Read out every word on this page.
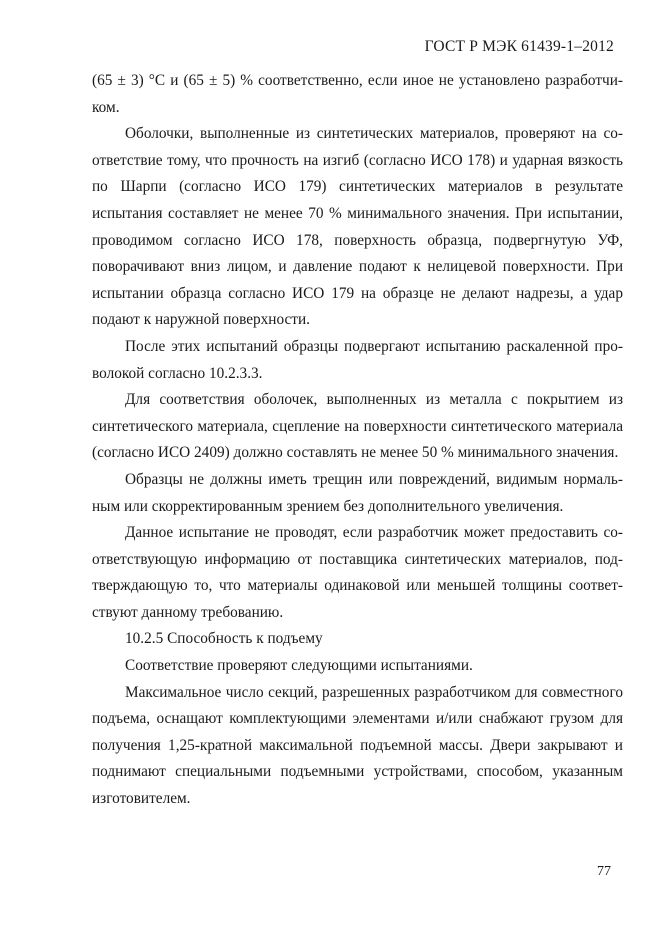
ГОСТ Р МЭК 61439-1–2012

(65 ± 3) °С и (65 ± 5) % соответственно, если иное не установлено разработчиком.

Оболочки, выполненные из синтетических материалов, проверяют на соответствие тому, что прочность на изгиб (согласно ИСО 178) и ударная вязкость по Шарпи (согласно ИСО 179) синтетических материалов в результате испытания составляет не менее 70 % минимального значения. При испытании, проводимом согласно ИСО 178, поверхность образца, подвергнутую УФ, поворачивают вниз лицом, и давление подают к нелицевой поверхности. При испытании образца согласно ИСО 179 на образце не делают надрезы, а удар подают к наружной поверхности.

После этих испытаний образцы подвергают испытанию раскаленной проволокой согласно 10.2.3.3.

Для соответствия оболочек, выполненных из металла с покрытием из синтетического материала, сцепление на поверхности синтетического материала (согласно ИСО 2409) должно составлять не менее 50 % минимального значения.

Образцы не должны иметь трещин или повреждений, видимым нормальным или скорректированным зрением без дополнительного увеличения.

Данное испытание не проводят, если разработчик может предоставить соответствующую информацию от поставщика синтетических материалов, подтверждающую то, что материалы одинаковой или меньшей толщины соответствуют данному требованию.

10.2.5 Способность к подъему

Соответствие проверяют следующими испытаниями.

Максимальное число секций, разрешенных разработчиком для совместного подъема, оснащают комплектующими элементами и/или снабжают грузом для получения 1,25-кратной максимальной подъемной массы. Двери закрывают и поднимают специальными подъемными устройствами, способом, указанным изготовителем.

77
